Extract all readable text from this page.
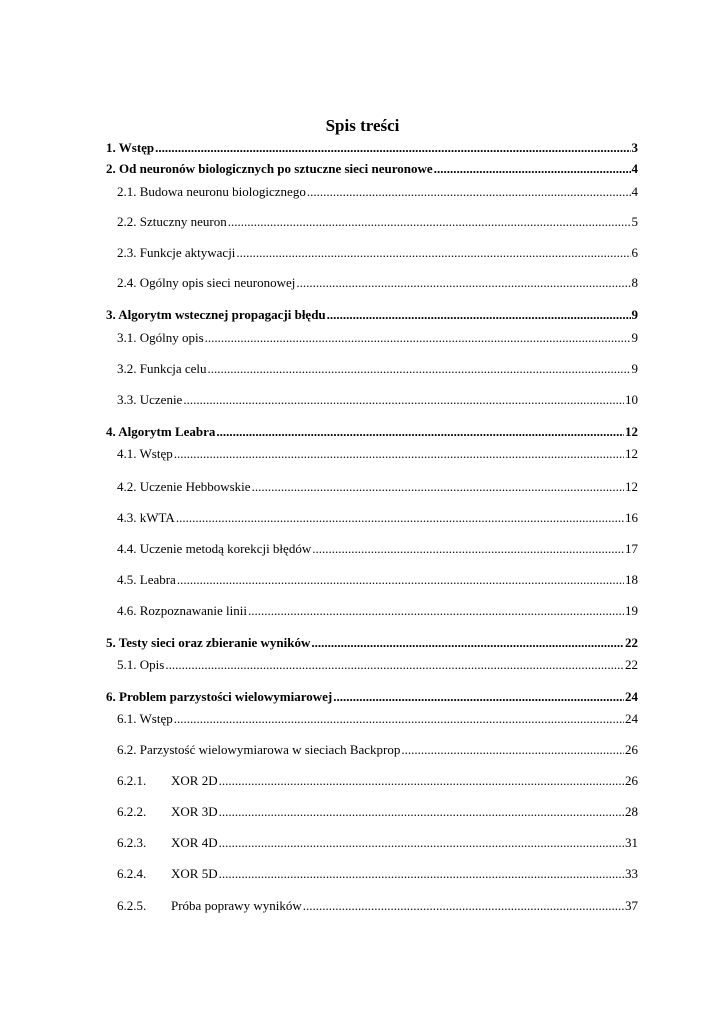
Spis treści
1. Wstęp .....	3
2. Od neuronów biologicznych po sztuczne sieci neuronowe .....	4
2.1. Budowa neuronu biologicznego .....	4
2.2. Sztuczny neuron .....	5
2.3. Funkcje aktywacji .....	6
2.4. Ogólny opis sieci neuronowej .....	8
3. Algorytm wstecznej propagacji błędu .....	9
3.1. Ogólny opis .....	9
3.2. Funkcja celu .....	9
3.3. Uczenie .....	10
4. Algorytm Leabra .....	12
4.1. Wstęp .....	12
4.2. Uczenie Hebbowskie .....	12
4.3. kWTA .....	16
4.4. Uczenie metodą korekcji błędów .....	17
4.5. Leabra .....	18
4.6. Rozpoznawanie linii .....	19
5. Testy sieci oraz zbieranie wyników .....	22
5.1. Opis .....	22
6. Problem parzystości wielowymiarowej .....	24
6.1. Wstęp .....	24
6.2. Parzystość wielowymiarowa w sieciach Backprop .....	26
6.2.1.	XOR 2D .....	26
6.2.2.	XOR 3D .....	28
6.2.3.	XOR 4D .....	31
6.2.4.	XOR 5D .....	33
6.2.5.	Próba poprawy wyników .....	37
